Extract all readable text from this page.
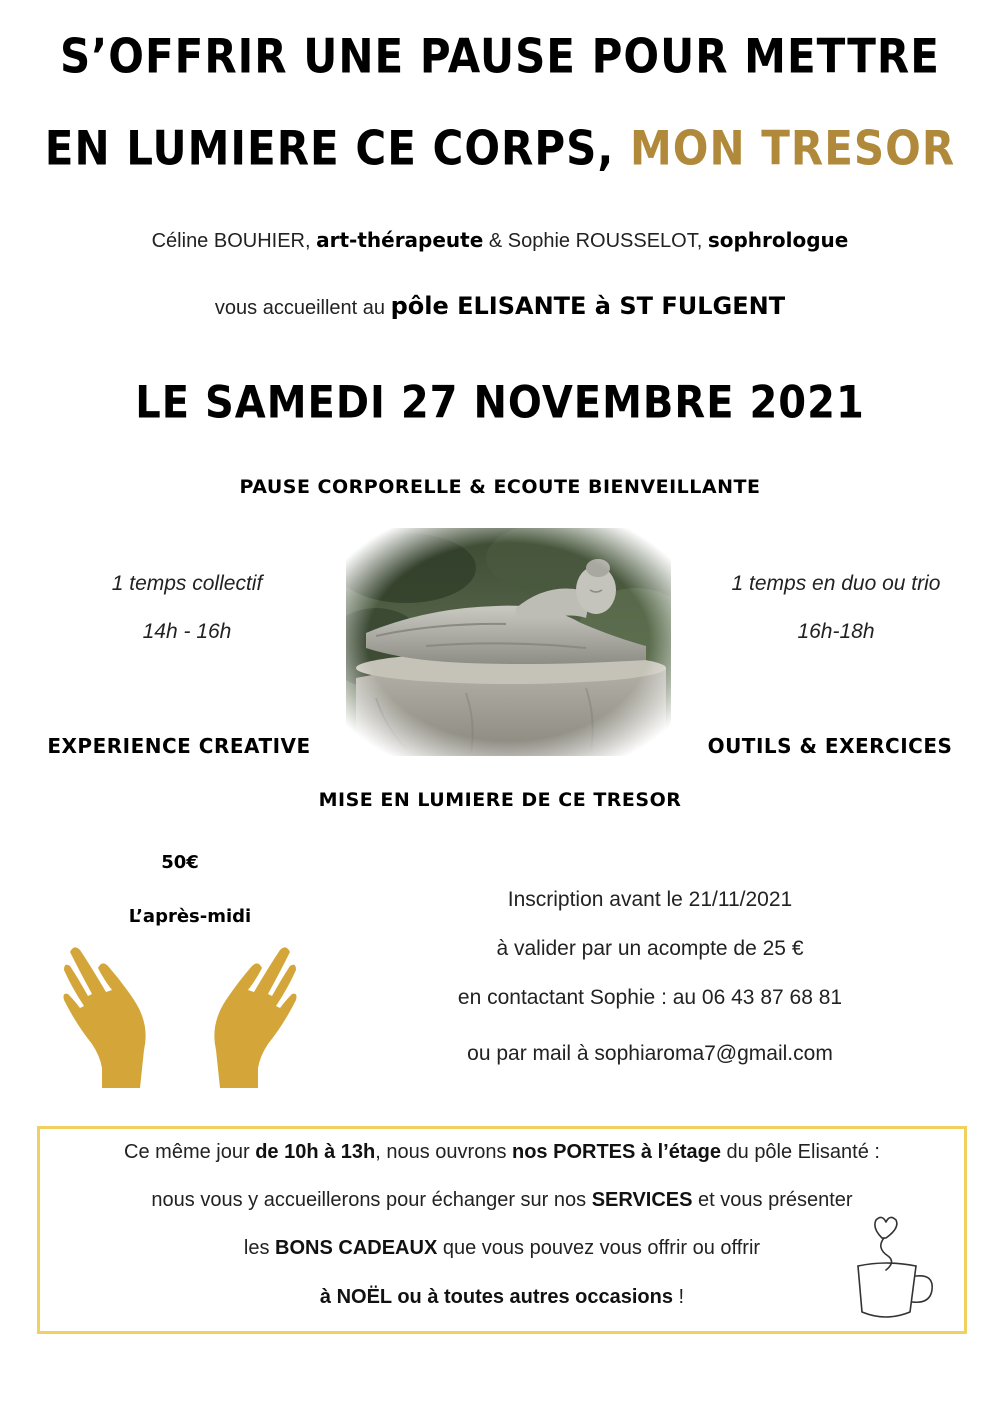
S’OFFRIR UNE PAUSE POUR METTRE
EN LUMIERE CE CORPS, MON TRESOR
Céline BOUHIER, art-thérapeute & Sophie ROUSSELOT, sophrologue
vous accueillent au pôle ELISANTE à ST FULGENT
LE SAMEDI 27 NOVEMBRE 2021
PAUSE CORPORELLE & ECOUTE BIENVEILLANTE
1 temps collectif
14h - 16h
EXPERIENCE CREATIVE
1 temps en duo ou trio
16h-18h
OUTILS & EXERCICES
MISE EN LUMIERE DE CE TRESOR
50€
L’après-midi
Inscription avant le 21/11/2021
à valider par un acompte de 25 €
en contactant Sophie : au 06 43 87 68 81
ou par mail à sophiaroma7@gmail.com
Ce même jour de 10h à 13h, nous ouvrons nos PORTES à l’étage du pôle Elisanté :
nous vous y accueillerons pour échanger sur nos SERVICES et vous présenter
les BONS CADEAUX que vous pouvez vous offrir ou offrir
à NOËL ou à toutes autres occasions !
